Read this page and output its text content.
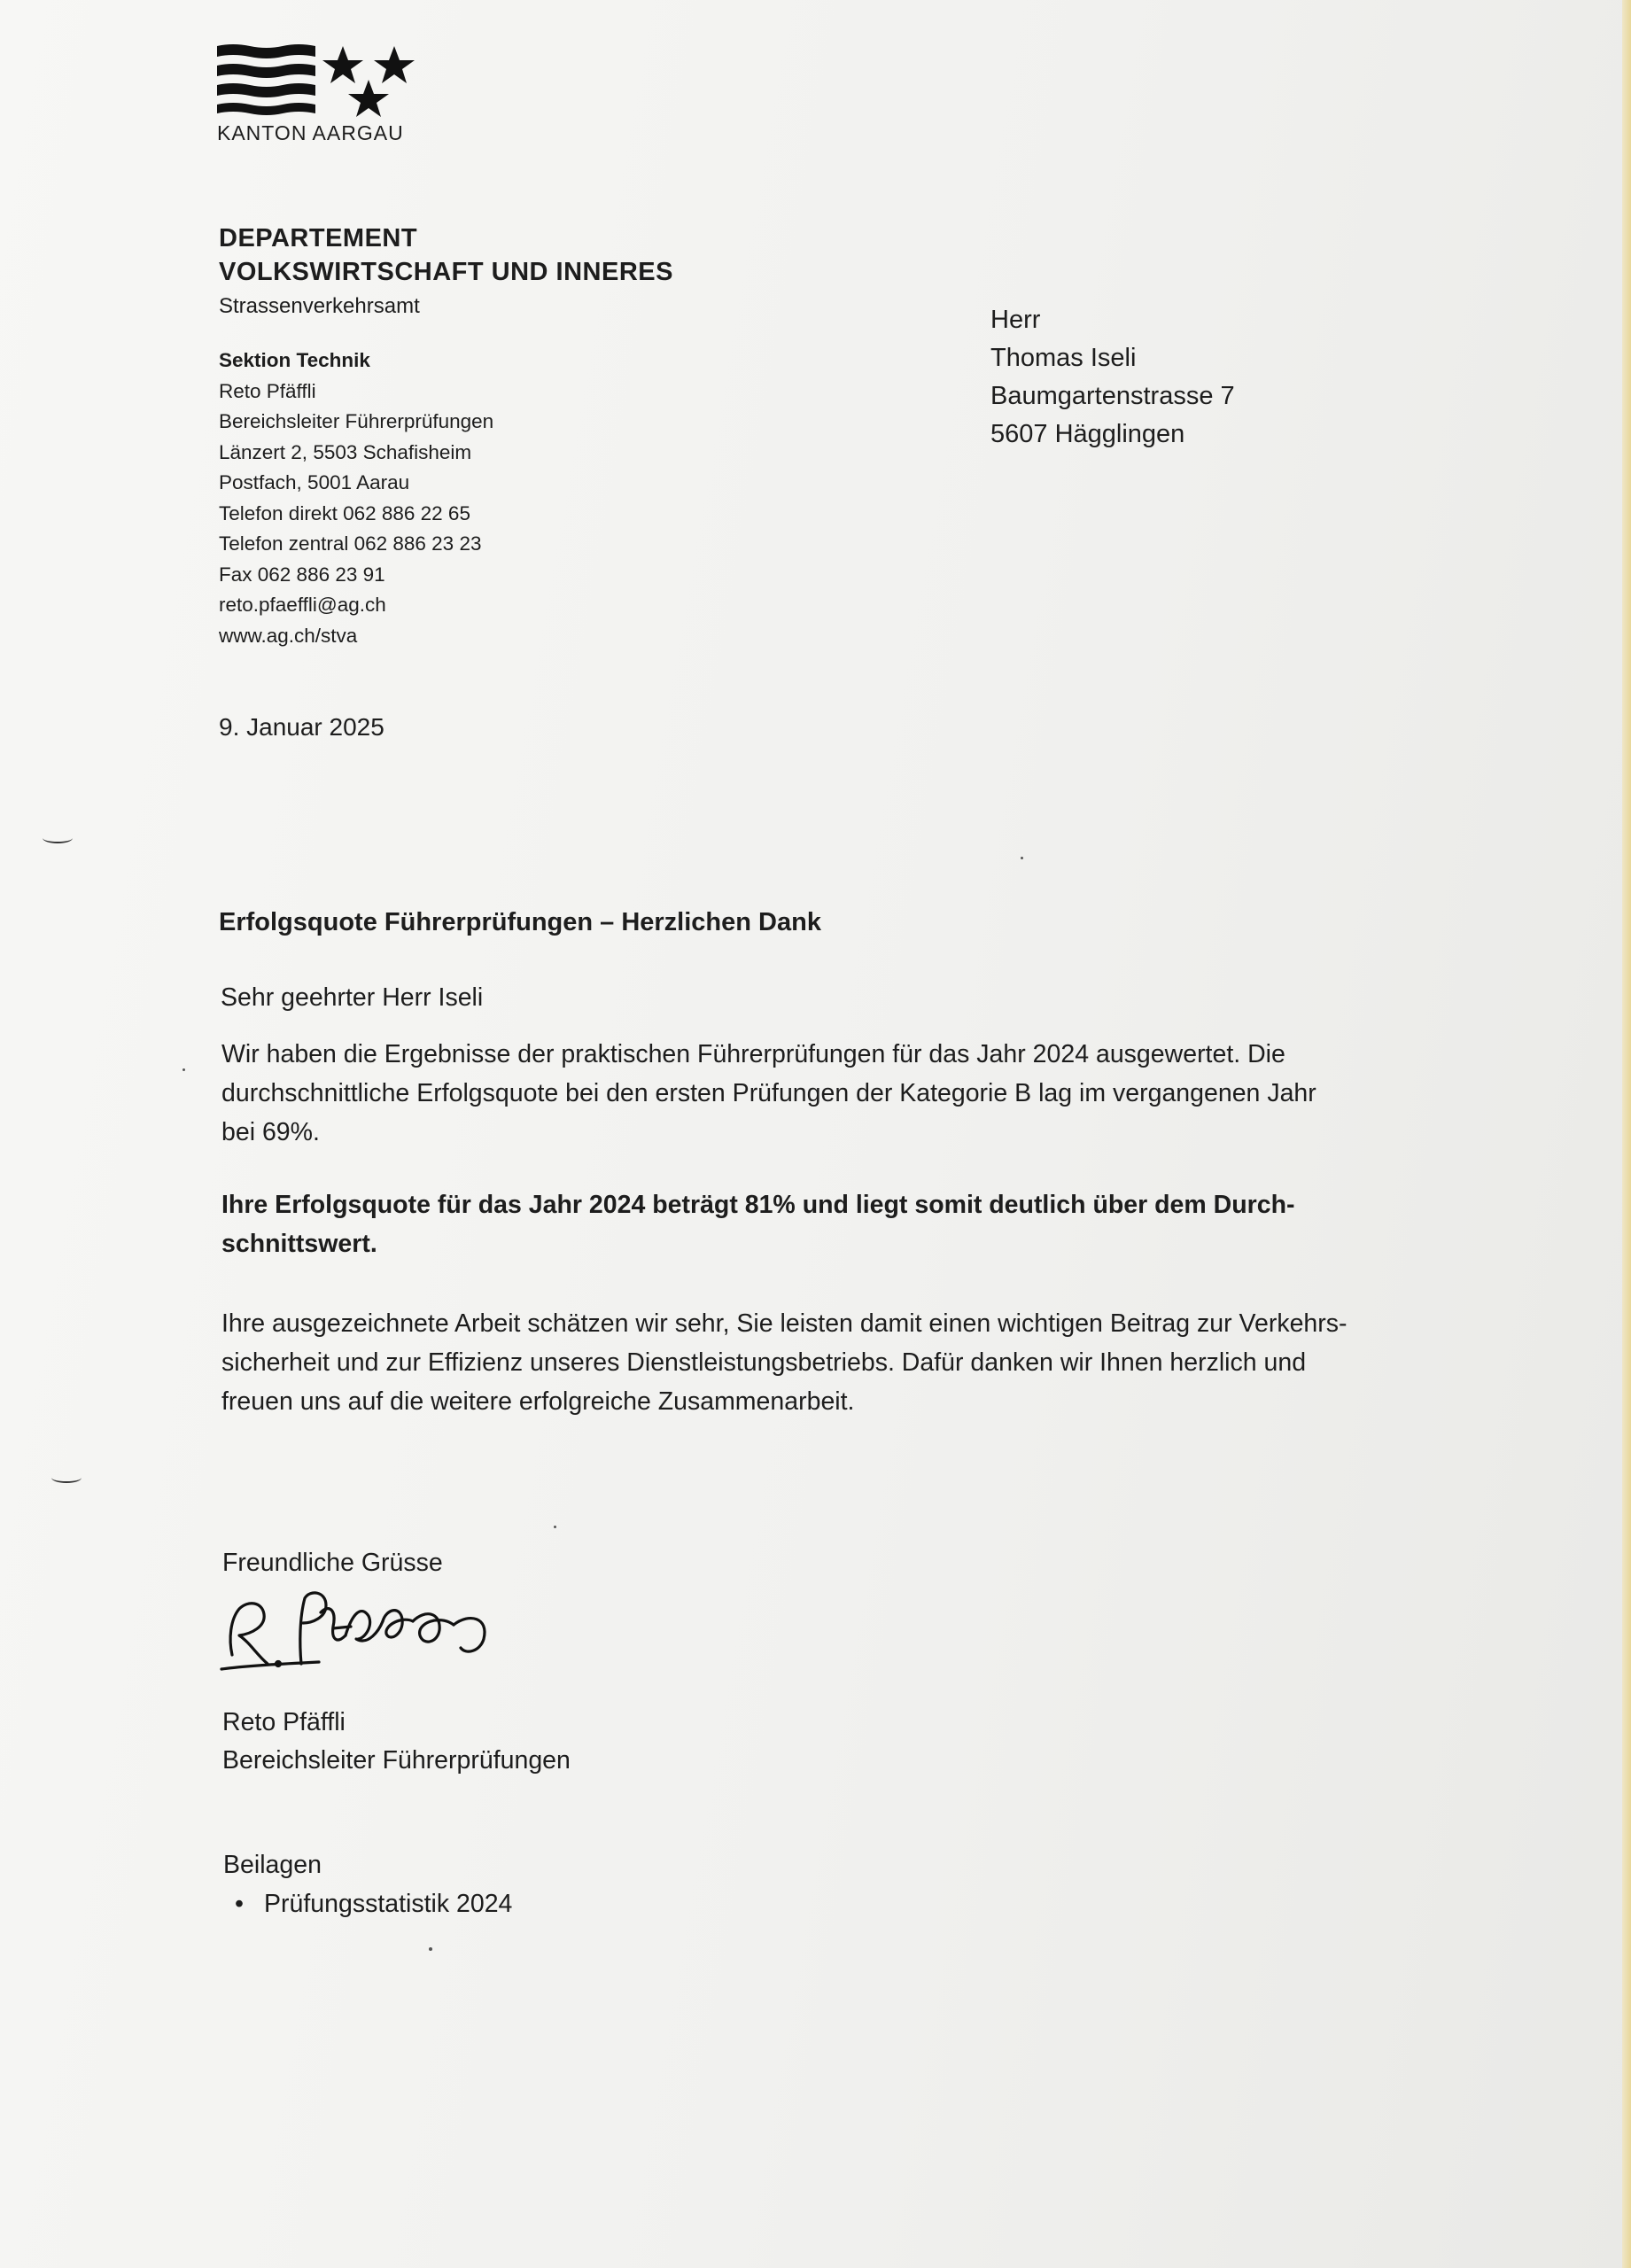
KANTON AARGAU
DEPARTEMENT
VOLKSWIRTSCHAFT UND INNERES
Strassenverkehrsamt
Sektion Technik
Reto Pfäffli
Bereichsleiter Führerprüfungen
Länzert 2, 5503 Schafisheim
Postfach, 5001 Aarau
Telefon direkt 062 886 22 65
Telefon zentral 062 886 23 23
Fax 062 886 23 91
reto.pfaeffli@ag.ch
www.ag.ch/stva
Herr
Thomas Iseli
Baumgartenstrasse 7
5607 Hägglingen
9. Januar 2025
Erfolgsquote Führerprüfungen – Herzlichen Dank
Sehr geehrter Herr Iseli
Wir haben die Ergebnisse der praktischen Führerprüfungen für das Jahr 2024 ausgewertet. Die
durchschnittliche Erfolgsquote bei den ersten Prüfungen der Kategorie B lag im vergangenen Jahr
bei 69%.
Ihre Erfolgsquote für das Jahr 2024 beträgt 81% und liegt somit deutlich über dem Durch-
schnittswert.
Ihre ausgezeichnete Arbeit schätzen wir sehr, Sie leisten damit einen wichtigen Beitrag zur Verkehrs-
sicherheit und zur Effizienz unseres Dienstleistungsbetriebs. Dafür danken wir Ihnen herzlich und
freuen uns auf die weitere erfolgreiche Zusammenarbeit.
Freundliche Grüsse
Reto Pfäffli
Bereichsleiter Führerprüfungen
Beilagen
• Prüfungsstatistik 2024
